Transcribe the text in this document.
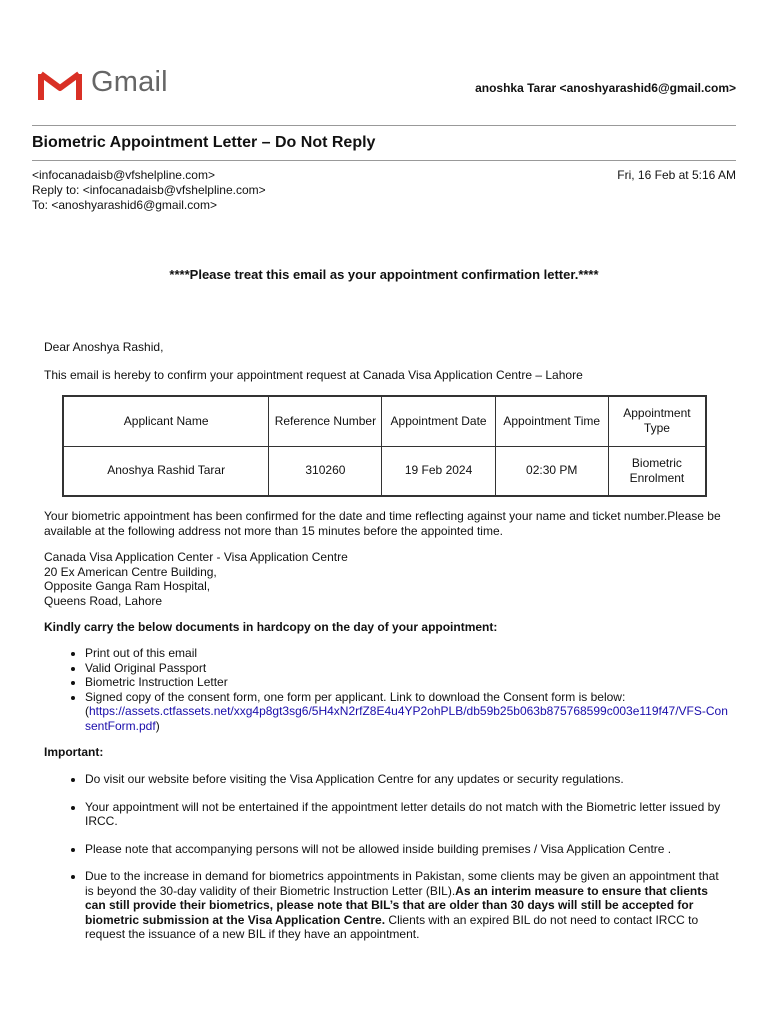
Gmail	anoshka Tarar <anoshyarashid6@gmail.com>
Biometric Appointment Letter – Do Not Reply
<infocanadaisb@vfshelpline.com>
Reply to: <infocanadaisb@vfshelpline.com>
To: <anoshyarashid6@gmail.com>
Fri, 16 Feb at 5:16 AM
****Please treat this email as your appointment confirmation letter.****
Dear Anoshya Rashid,
This email is hereby to confirm your appointment request at Canada Visa Application Centre – Lahore
Applicant Name	Reference Number	Appointment Date	Appointment Time	Appointment Type
Anoshya Rashid Tarar	310260	19 Feb 2024	02:30 PM	Biometric Enrolment
Your biometric appointment has been confirmed for the date and time reflecting against your name and ticket number.Please be available at the following address not more than 15 minutes before the appointed time.
Canada Visa Application Center - Visa Application Centre
20 Ex American Centre Building,
Opposite Ganga Ram Hospital,
Queens Road, Lahore
Kindly carry the below documents in hardcopy on the day of your appointment:
• Print out of this email
• Valid Original Passport
• Biometric Instruction Letter
• Signed copy of the consent form, one form per applicant. Link to download the Consent form is below:
(https://assets.ctfassets.net/xxg4p8gt3sg6/5H4xN2rfZ8E4u4YP2ohPLB/db59b25b063b875768599c003e119f47/VFS-ConsentForm.pdf)
Important:
• Do visit our website before visiting the Visa Application Centre for any updates or security regulations.
• Your appointment will not be entertained if the appointment letter details do not match with the Biometric letter issued by IRCC.
• Please note that accompanying persons will not be allowed inside building premises / Visa Application Centre .
• Due to the increase in demand for biometrics appointments in Pakistan, some clients may be given an appointment that is beyond the 30-day validity of their Biometric Instruction Letter (BIL).As an interim measure to ensure that clients can still provide their biometrics, please note that BIL’s that are older than 30 days will still be accepted for biometric submission at the Visa Application Centre. Clients with an expired BIL do not need to contact IRCC to request the issuance of a new BIL if they have an appointment.
